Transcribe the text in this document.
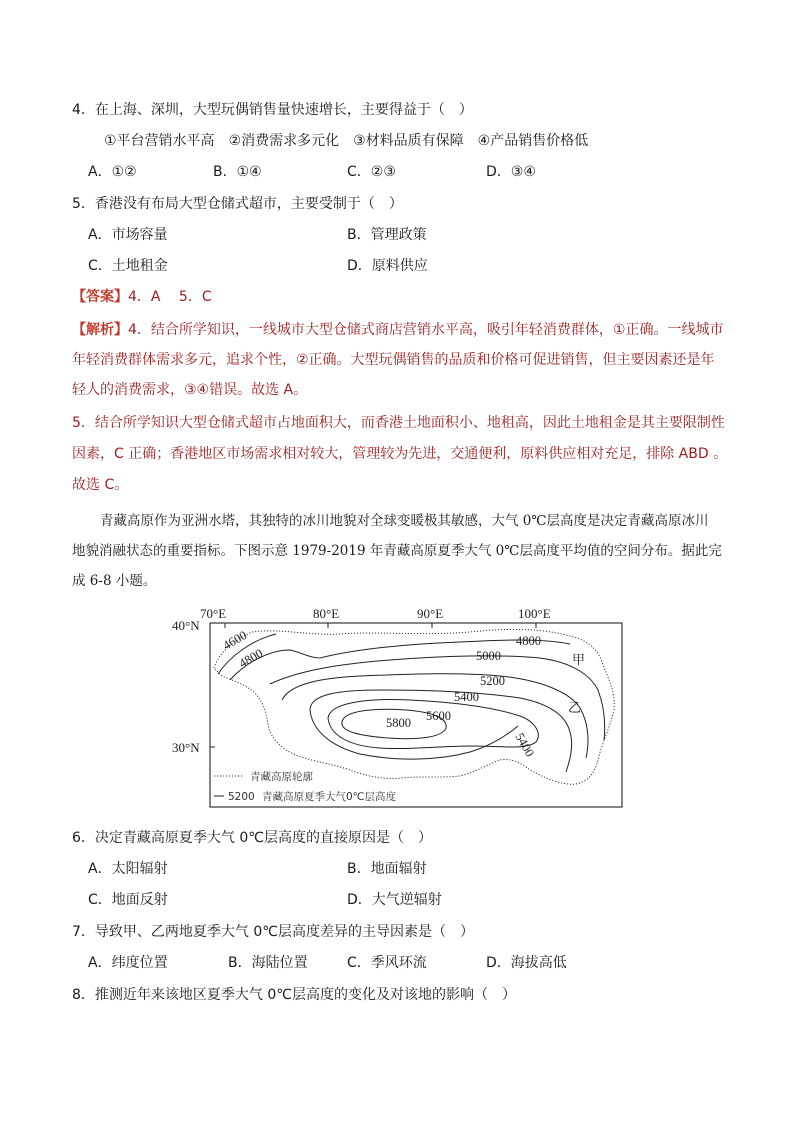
4．在上海、深圳，大型玩偶销售量快速增长，主要得益于（　）
①平台营销水平高　②消费需求多元化　③材料品质有保障　④产品销售价格低
A．①②	B．①④	C．②③	D．③④
5．香港没有布局大型仓储式超市，主要受制于（　）
A．市场容量	B．管理政策
C．土地租金	D．原料供应
【答案】4．A　 5．C
【解析】4．结合所学知识，一线城市大型仓储式商店营销水平高，吸引年轻消费群体，①正确。一线城市
年轻消费群体需求多元，追求个性，②正确。大型玩偶销售的品质和价格可促进销售，但主要因素还是年
轻人的消费需求，③④错误。故选 A。
5．结合所学知识大型仓储式超市占地面积大，而香港土地面积小、地租高，因此土地租金是其主要限制性
因素，C 正确；香港地区市场需求相对较大，管理较为先进，交通便利，原料供应相对充足，排除 ABD 。
故选 C。
青藏高原作为亚洲水塔，其独特的冰川地貌对全球变暖极其敏感，大气 0℃层高度是决定青藏高原冰川
地貌消融状态的重要指标。下图示意 1979-2019 年青藏高原夏季大气 0℃层高度平均值的空间分布。据此完
成 6-8 小题。
70°E	80°E	90°E	100°E
40°N
30°N
4600
4800
4800
5000
5200
5400
5600
5800
5400
甲
乙
青藏高原轮廓
5200 青藏高原夏季大气0℃层高度
6．决定青藏高原夏季大气 0℃层高度的直接原因是（　）
A．太阳辐射	B．地面辐射
C．地面反射	D．大气逆辐射
7．导致甲、乙两地夏季大气 0℃层高度差异的主导因素是（　）
A．纬度位置	B．海陆位置	C．季风环流	D．海拔高低
8．推测近年来该地区夏季大气 0℃层高度的变化及对该地的影响（　）
